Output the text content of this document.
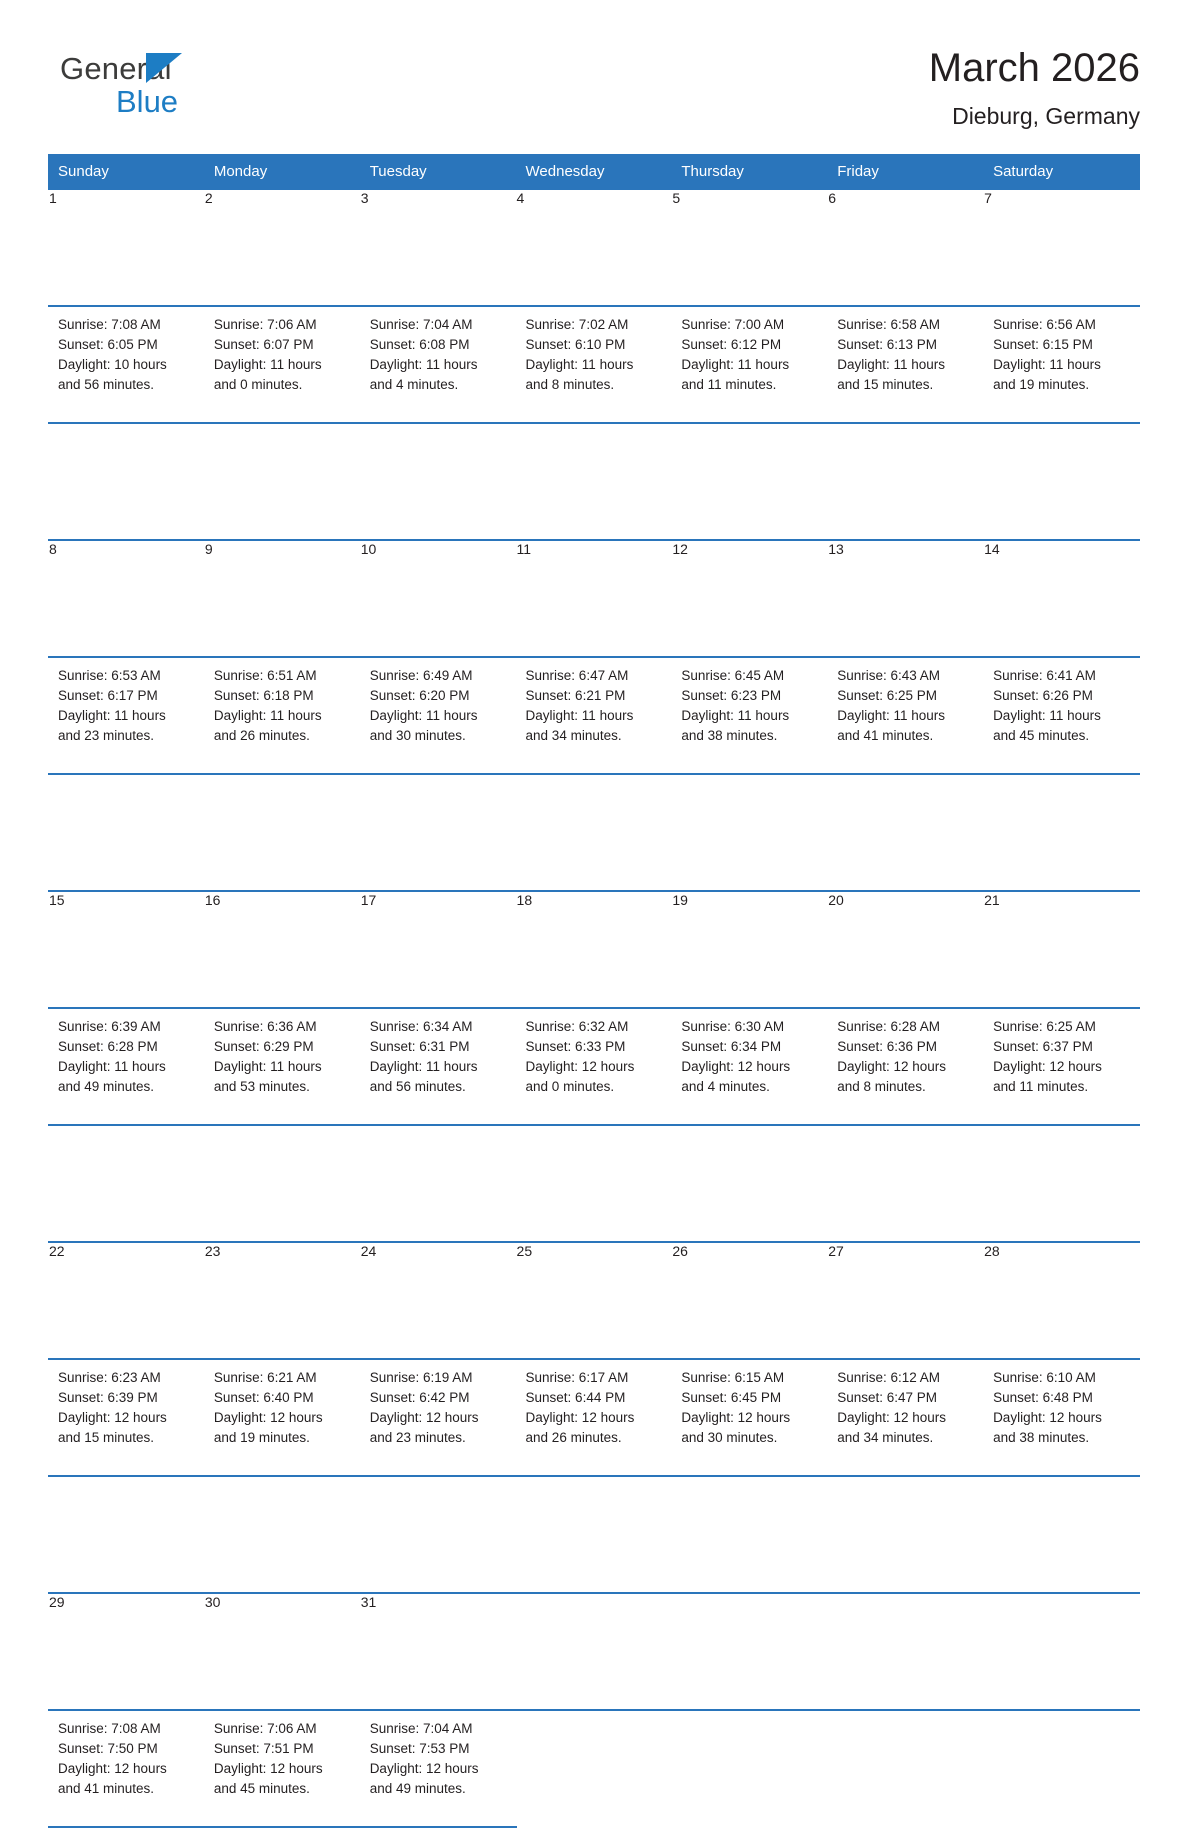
General
Blue
March 2026
Dieburg, Germany
Sunday	Monday	Tuesday	Wednesday	Thursday	Friday	Saturday
1	2	3	4	5	6	7

Sunrise: 7:08 AM
Sunset: 6:05 PM
Daylight: 10 hours
and 56 minutes.

Sunrise: 7:06 AM
Sunset: 6:07 PM
Daylight: 11 hours
and 0 minutes.

Sunrise: 7:04 AM
Sunset: 6:08 PM
Daylight: 11 hours
and 4 minutes.

Sunrise: 7:02 AM
Sunset: 6:10 PM
Daylight: 11 hours
and 8 minutes.

Sunrise: 7:00 AM
Sunset: 6:12 PM
Daylight: 11 hours
and 11 minutes.

Sunrise: 6:58 AM
Sunset: 6:13 PM
Daylight: 11 hours
and 15 minutes.

Sunrise: 6:56 AM
Sunset: 6:15 PM
Daylight: 11 hours
and 19 minutes.

8	9	10	11	12	13	14

Sunrise: 6:53 AM
Sunset: 6:17 PM
Daylight: 11 hours
and 23 minutes.

Sunrise: 6:51 AM
Sunset: 6:18 PM
Daylight: 11 hours
and 26 minutes.

Sunrise: 6:49 AM
Sunset: 6:20 PM
Daylight: 11 hours
and 30 minutes.

Sunrise: 6:47 AM
Sunset: 6:21 PM
Daylight: 11 hours
and 34 minutes.

Sunrise: 6:45 AM
Sunset: 6:23 PM
Daylight: 11 hours
and 38 minutes.

Sunrise: 6:43 AM
Sunset: 6:25 PM
Daylight: 11 hours
and 41 minutes.

Sunrise: 6:41 AM
Sunset: 6:26 PM
Daylight: 11 hours
and 45 minutes.

15	16	17	18	19	20	21

Sunrise: 6:39 AM
Sunset: 6:28 PM
Daylight: 11 hours
and 49 minutes.

Sunrise: 6:36 AM
Sunset: 6:29 PM
Daylight: 11 hours
and 53 minutes.

Sunrise: 6:34 AM
Sunset: 6:31 PM
Daylight: 11 hours
and 56 minutes.

Sunrise: 6:32 AM
Sunset: 6:33 PM
Daylight: 12 hours
and 0 minutes.

Sunrise: 6:30 AM
Sunset: 6:34 PM
Daylight: 12 hours
and 4 minutes.

Sunrise: 6:28 AM
Sunset: 6:36 PM
Daylight: 12 hours
and 8 minutes.

Sunrise: 6:25 AM
Sunset: 6:37 PM
Daylight: 12 hours
and 11 minutes.

22	23	24	25	26	27	28

Sunrise: 6:23 AM
Sunset: 6:39 PM
Daylight: 12 hours
and 15 minutes.

Sunrise: 6:21 AM
Sunset: 6:40 PM
Daylight: 12 hours
and 19 minutes.

Sunrise: 6:19 AM
Sunset: 6:42 PM
Daylight: 12 hours
and 23 minutes.

Sunrise: 6:17 AM
Sunset: 6:44 PM
Daylight: 12 hours
and 26 minutes.

Sunrise: 6:15 AM
Sunset: 6:45 PM
Daylight: 12 hours
and 30 minutes.

Sunrise: 6:12 AM
Sunset: 6:47 PM
Daylight: 12 hours
and 34 minutes.

Sunrise: 6:10 AM
Sunset: 6:48 PM
Daylight: 12 hours
and 38 minutes.

29	30	31				

Sunrise: 7:08 AM
Sunset: 7:50 PM
Daylight: 12 hours
and 41 minutes.

Sunrise: 7:06 AM
Sunset: 7:51 PM
Daylight: 12 hours
and 45 minutes.

Sunrise: 7:04 AM
Sunset: 7:53 PM
Daylight: 12 hours
and 49 minutes.
